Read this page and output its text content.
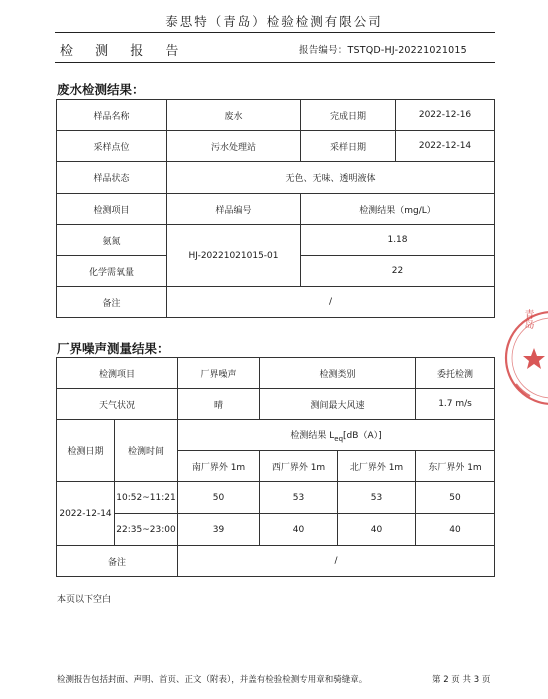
泰思特（青岛）检验检测有限公司
检 测 报 告	报告编号：TSTQD-HJ-20221021015
废水检测结果：
样品名称	废水	完成日期	2022-12-16
采样点位	污水处理站	采样日期	2022-12-14
样品状态	无色、无味、透明液体		
检测项目	样品编号	检测结果（mg/L）	
氨氮	HJ-20221021015-01	1.18	
化学需氧量		22	
备注	/		
厂界噪声测量结果：
检测项目		厂界噪声	检测类别		委托检测
天气状况		晴	测间最大风速		1.7 m/s
检测日期	检测时间	检测结果 $L_{eq}[dB(A)]$			
		南厂界外 1m	西厂界外 1m	北厂界外 1m	东厂界外 1m
2022-12-14	10:52~11:21	50	53	53	50
	22:35~23:00	39	40	40	40
备注		/			
本页以下空白
检测报告包括封面、声明、首页、正文（附表），并盖有检验检测专用章和骑缝章。	第 2 页 共 3 页
青岛
